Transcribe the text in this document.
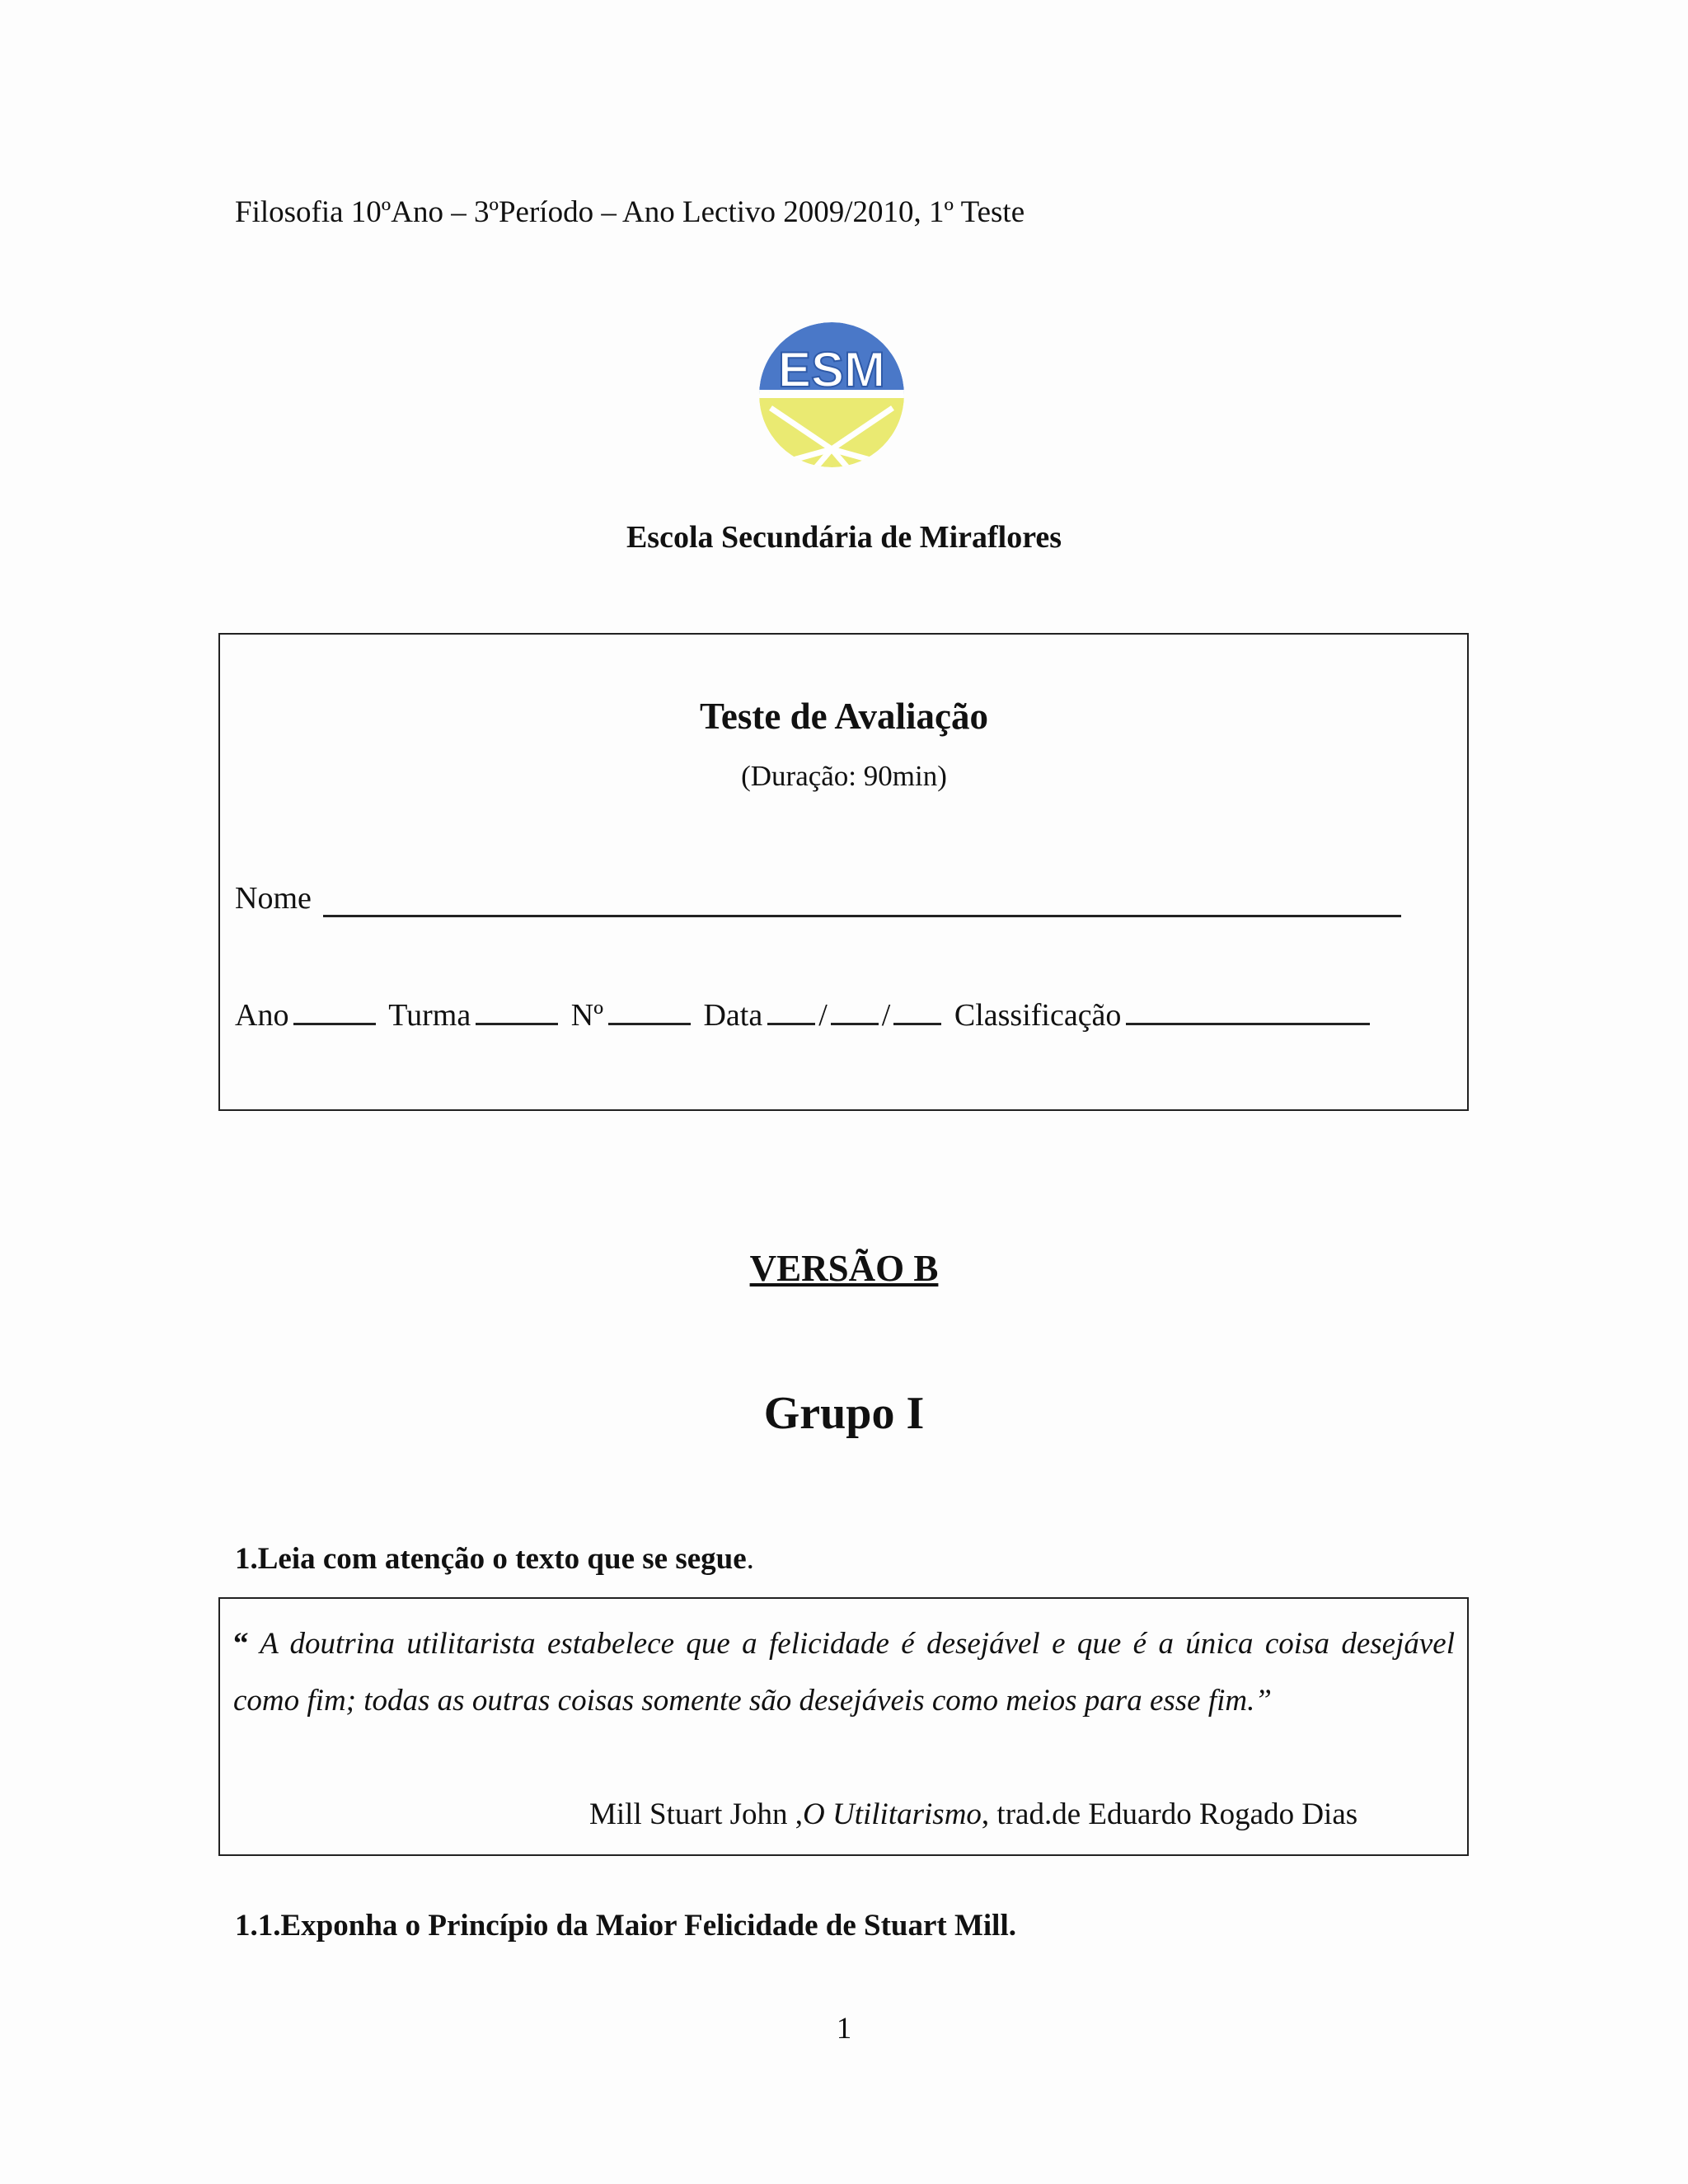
Filosofia 10ºAno – 3ºPeríodo – Ano Lectivo 2009/2010, 1º Teste
ESM
Escola Secundária de Miraflores
Teste de Avaliação
(Duração: 90min)
Nome
Ano	Turma	Nº	Data / / Classificação
VERSÃO B
Grupo I
1.Leia com atenção o texto que se segue.
“ A doutrina utilitarista estabelece que a felicidade é desejável e que é a única coisa desejável como fim; todas as outras coisas somente são desejáveis como meios para esse fim.”
Mill Stuart John ,O Utilitarismo, trad.de Eduardo Rogado Dias
1.1.Exponha o Princípio da Maior Felicidade de Stuart Mill.
1
